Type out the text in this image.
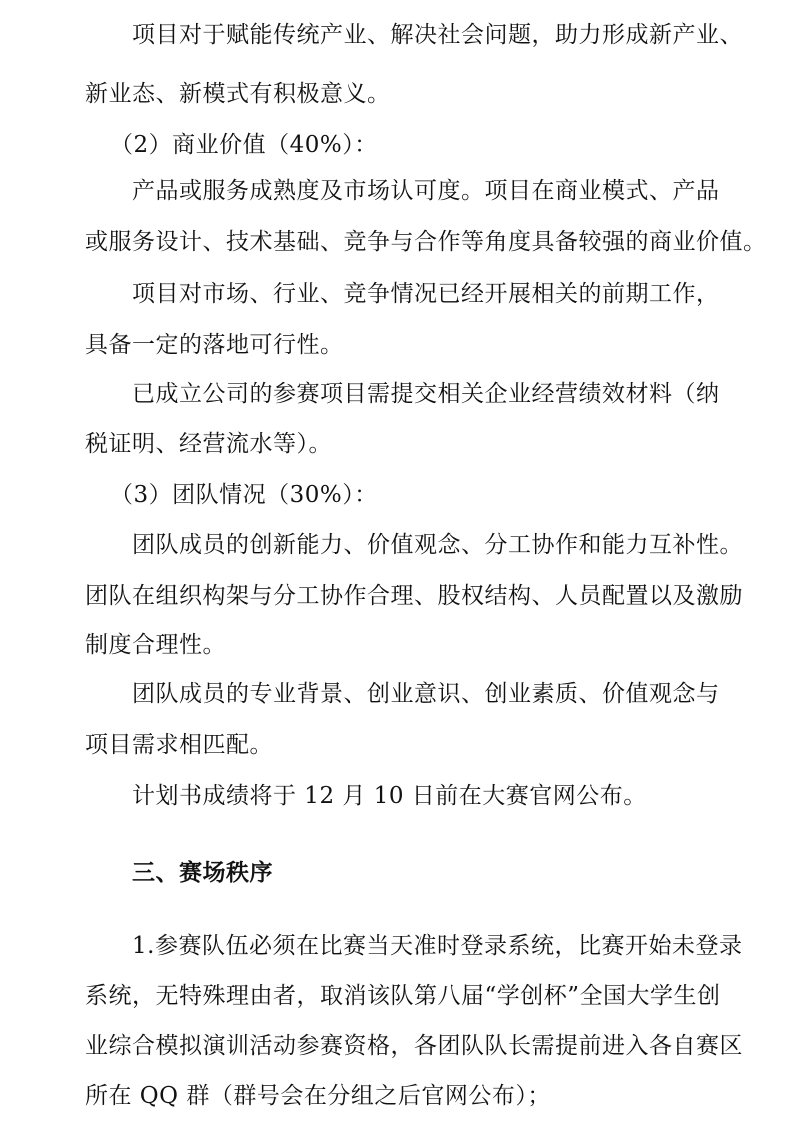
项目对于赋能传统产业、解决社会问题，助力形成新产业、
新业态、新模式有积极意义。
（2）商业价值（40%）：
产品或服务成熟度及市场认可度。项目在商业模式、产品
或服务设计、技术基础、竞争与合作等角度具备较强的商业价值。
项目对市场、行业、竞争情况已经开展相关的前期工作，
具备一定的落地可行性。
已成立公司的参赛项目需提交相关企业经营绩效材料（纳
税证明、经营流水等）。
（3）团队情况（30%）：
团队成员的创新能力、价值观念、分工协作和能力互补性。
团队在组织构架与分工协作合理、股权结构、人员配置以及激励
制度合理性。
团队成员的专业背景、创业意识、创业素质、价值观念与
项目需求相匹配。
计划书成绩将于 12 月 10 日前在大赛官网公布。
三、赛场秩序
1.参赛队伍必须在比赛当天准时登录系统，比赛开始未登录
系统，无特殊理由者，取消该队第八届“学创杯”全国大学生创
业综合模拟演训活动参赛资格，各团队队长需提前进入各自赛区
所在 QQ 群（群号会在分组之后官网公布）；
